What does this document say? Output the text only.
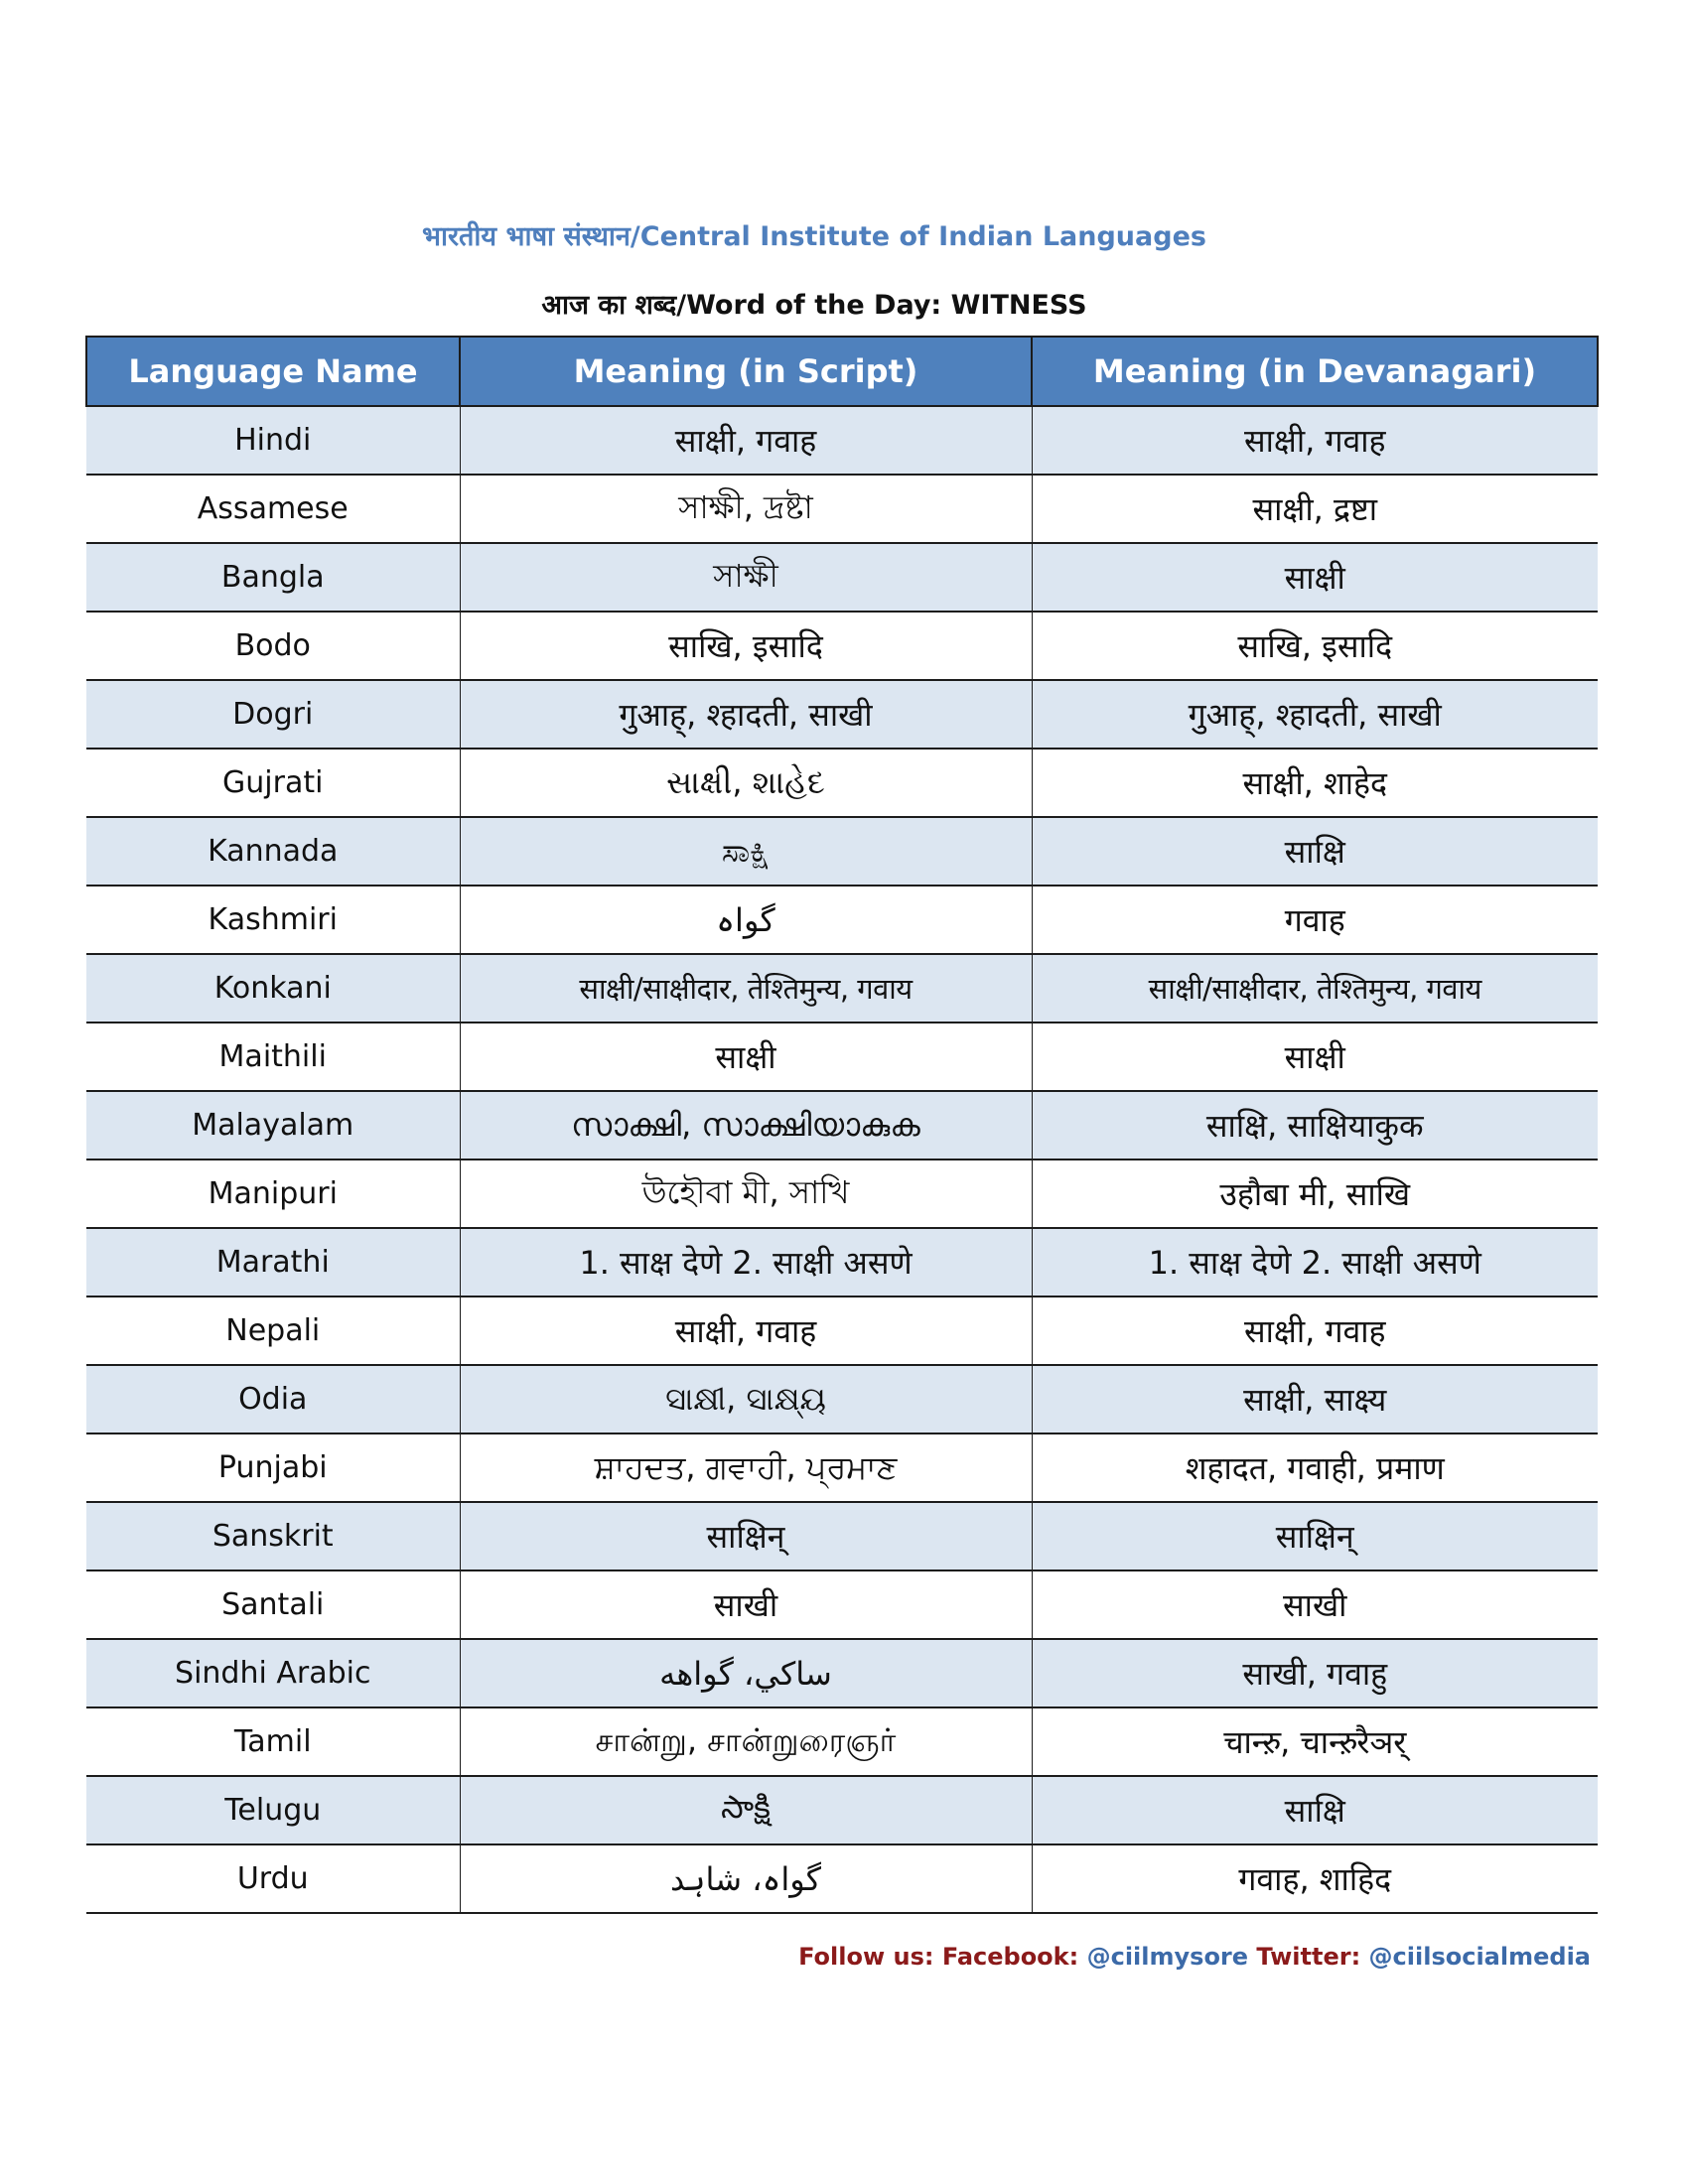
भारतीय भाषा संस्थान/Central Institute of Indian Languages
आज का शब्द/Word of the Day: WITNESS
Language Name	Meaning (in Script)	Meaning (in Devanagari)
Hindi	साक्षी, गवाह	साक्षी, गवाह
Assamese	সাক্ষী, দ্ৰষ্টা	साक्षी, द्रष्टा
Bangla	সাক্ষী	साक्षी
Bodo	साखि, इसादि	साखि, इसादि
Dogri	गुआह्, श्हादती, साखी	गुआह्, श्हादती, साखी
Gujrati	સાક્ષી, શાહેદ	साक्षी, शाहेद
Kannada	ಸಾಕ್ಷಿ	साक्षि
Kashmiri	گواہ	गवाह
Konkani	साक्षी/साक्षीदार, तेश्तिमुन्य, गवाय	साक्षी/साक्षीदार, तेश्तिमुन्य, गवाय
Maithili	साक्षी	साक्षी
Malayalam	സാക്ഷി, സാക്ഷിയാകുക	साक्षि, साक्षियाकुक
Manipuri	উহৌবা মী, সাখি	उहौबा मी, साखि
Marathi	1. साक्ष देणे 2. साक्षी असणे	1. साक्ष देणे 2. साक्षी असणे
Nepali	साक्षी, गवाह	साक्षी, गवाह
Odia	ସାକ୍ଷୀ, ସାକ୍ଷ୍ୟ	साक्षी, साक्ष्य
Punjabi	ਸ਼ਾਹਦਤ, ਗਵਾਹੀ, ਪ੍ਰਮਾਣ	शहादत, गवाही, प्रमाण
Sanskrit	साक्षिन्	साक्षिन्
Santali	साखी	साखी
Sindhi Arabic	ساکي، گواهه	साखी, गवाहु
Tamil	சான்று, சான்றுரைஞர்	चान्ऱु, चान्ऱुरैञर्
Telugu	సాక్షి	साक्षि
Urdu	گواہ، شاہد	गवाह, शाहिद
Follow us: Facebook: @ciilmysore Twitter: @ciilsocialmedia
